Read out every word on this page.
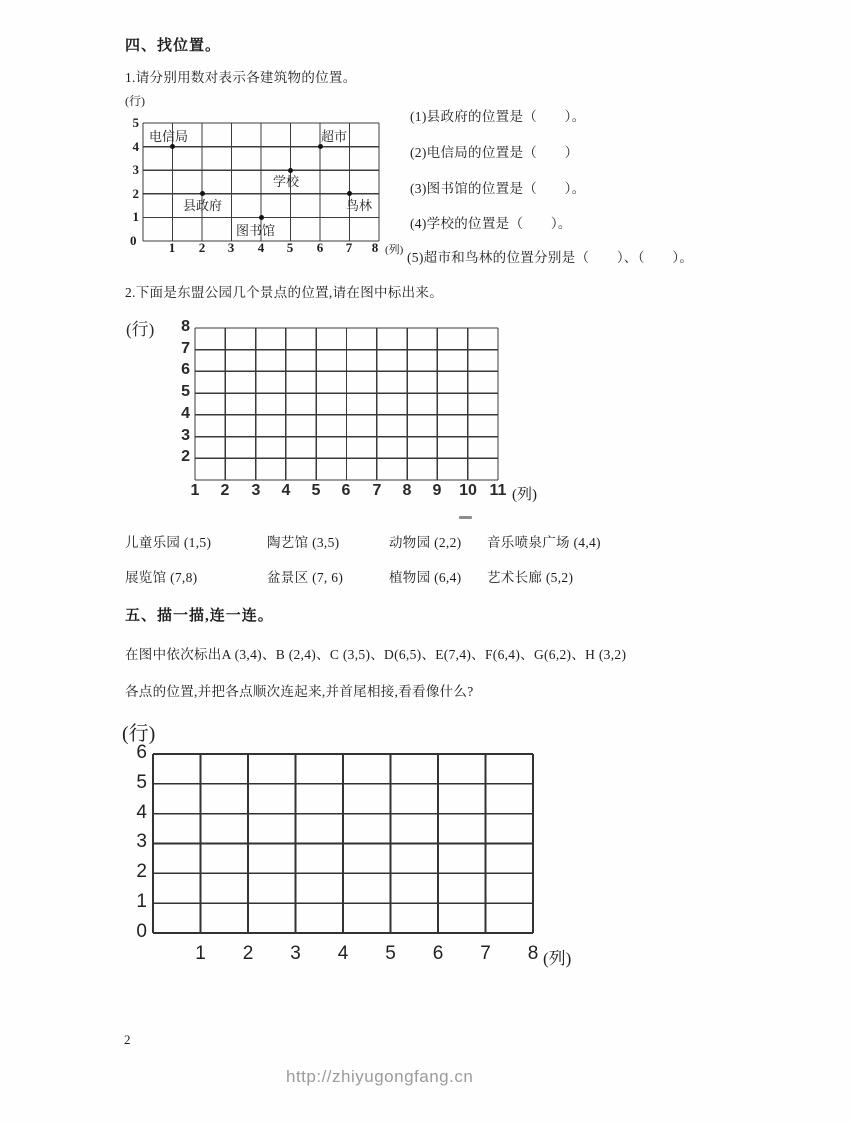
四、找位置。
1.请分别用数对表示各建筑物的位置。

(行)

5

4

3

2

1

0

1

2

3

4

5

6

7

8

(列)

电信局

	超市

学校

县政府

	鸟林

图书馆

(1)县政府的位置是（　　）。
(2)电信局的位置是（　　）
(3)图书馆的位置是（　　）。
(4)学校的位置是（　　）。
(5)超市和鸟林的位置分别是（　　）、（　　）。
2.下面是东盟公园几个景点的位置,请在图中标出来。

(行)

	8

7

6

5

4

3

2

1

	2

	3

	4

	5

	6

	7

	8

	9

	10

11

(列)

儿童乐园 (1,5)	陶艺馆 (3,5)	动物园 (2,2) 音乐喷泉广场 (4,4)
展览馆 (7,8)	盆景区 (7, 6)	植物园 (6,4) 艺术长廊 (5,2)
五、描一描,连一连。
在图中依次标出A (3,4)、B (2,4)、C (3,5)、D(6,5)、E(7,4)、F(6,4)、G(6,2)、H (3,2)
各点的位置,并把各点顺次连起来,并首尾相接,看看像什么?

(行)

6

5

4

3

2

1

0

1

	2

	3

	4

	5

	6

	7

	8

(列)

2
http://zhiyugongfang.cn
